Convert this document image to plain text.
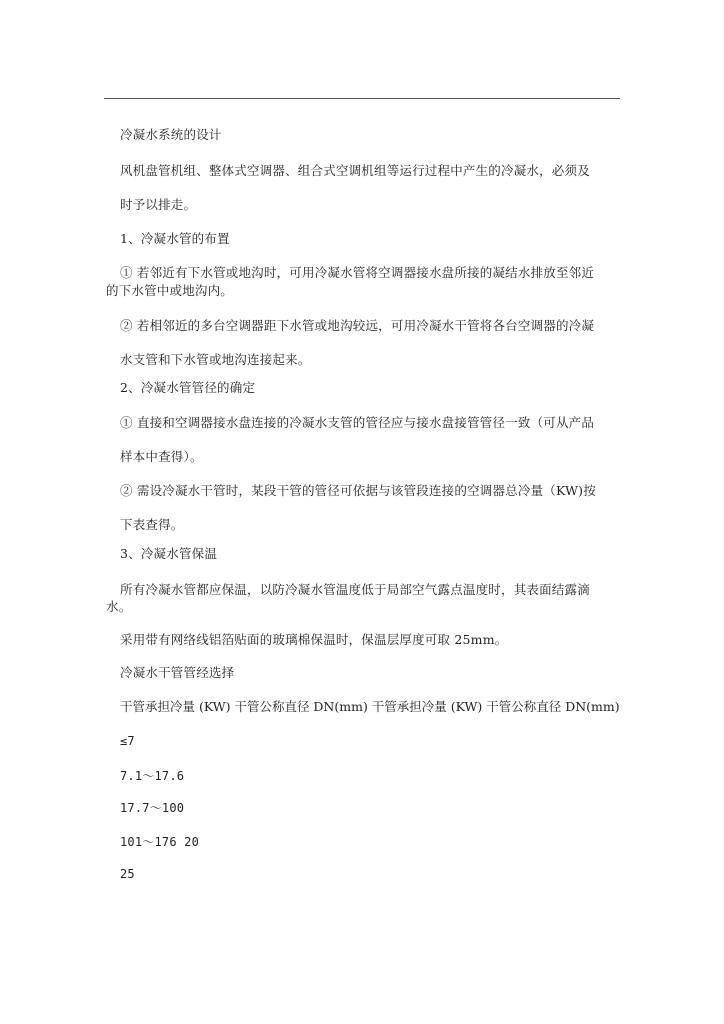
冷凝水系统的设计
风机盘管机组、整体式空调器、组合式空调机组等运行过程中产生的冷凝水，必须及
时予以排走。
1、冷凝水管的布置
① 若邻近有下水管或地沟时，可用冷凝水管将空调器接水盘所接的凝结水排放至邻近
的下水管中或地沟内。
② 若相邻近的多台空调器距下水管或地沟较远，可用冷凝水干管将各台空调器的冷凝
水支管和下水管或地沟连接起来。
2、冷凝水管管径的确定
① 直接和空调器接水盘连接的冷凝水支管的管径应与接水盘接管管径一致（可从产品
样本中查得）。
② 需设冷凝水干管时，某段干管的管径可依据与该管段连接的空调器总冷量（KW)按
下表查得。
3、冷凝水管保温
所有冷凝水管都应保温，以防冷凝水管温度低于局部空气露点温度时，其表面结露滴
水。
采用带有网络线铝箔贴面的玻璃棉保温时，保温层厚度可取 25mm。
冷凝水干管管经选择
干管承担冷量 (KW) 干管公称直径 DN(mm) 干管承担冷量 (KW) 干管公称直径 DN(mm)
≤7
7.1～17.6
17.7～100
101～176 20
25
